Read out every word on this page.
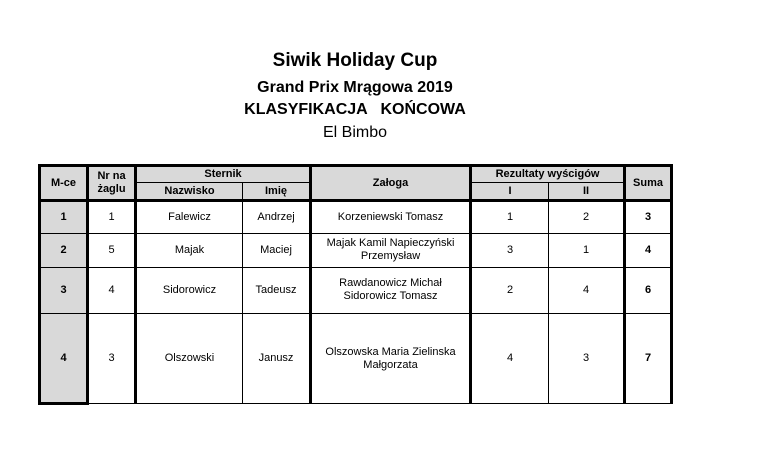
Siwik Holiday Cup
Grand Prix Mrągowa 2019
KLASYFIKACJA   KOŃCOWA
El Bimbo
M-ce	Nr na żaglu	Sternik		Załoga	Rezultaty wyścigów		Suma
		Nazwisko	Imię		I	II	
1	1	Falewicz	Andrzej	Korzeniewski Tomasz	1	2	3
2	5	Majak	Maciej	Majak Kamil Napieczyński Przemysław	3	1	4
3	4	Sidorowicz	Tadeusz	Rawdanowicz Michał Sidorowicz Tomasz	2	4	6
4	3	Olszowski	Janusz	Olszowska Maria Zielinska Małgorzata	4	3	7
